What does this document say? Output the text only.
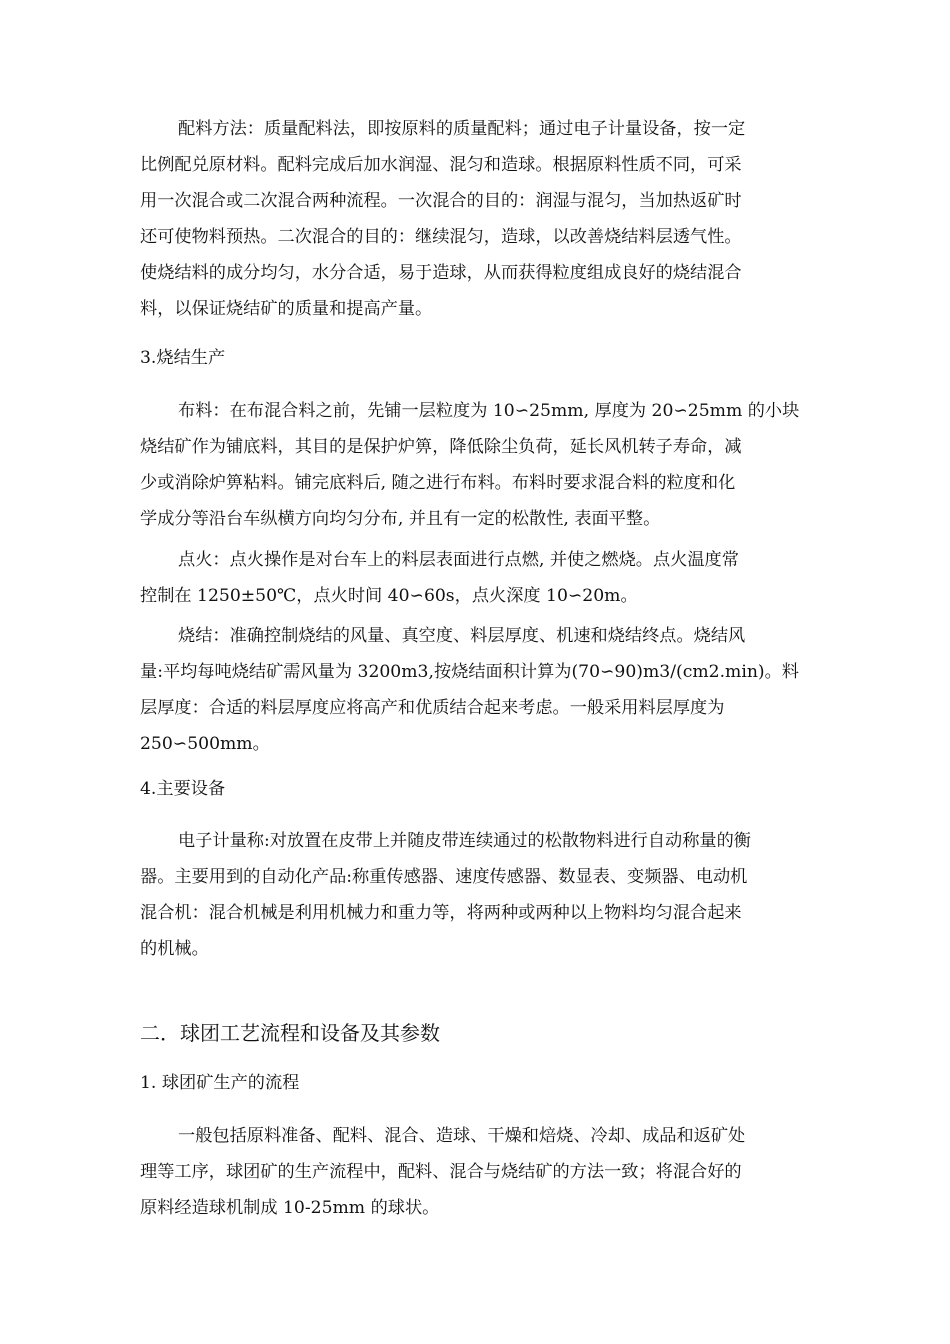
配料方法：质量配料法，即按原料的质量配料；通过电子计量设备，按一定
比例配兑原材料。配料完成后加水润湿、混匀和造球。根据原料性质不同，可采
用一次混合或二次混合两种流程。一次混合的目的：润湿与混匀，当加热返矿时
还可使物料预热。二次混合的目的：继续混匀，造球，以改善烧结料层透气性。
使烧结料的成分均匀，水分合适，易于造球，从而获得粒度组成良好的烧结混合
料，以保证烧结矿的质量和提高产量。
3.烧结生产
布料：在布混合料之前，先铺一层粒度为 10∽25mm, 厚度为 20∽25mm 的小块
烧结矿作为铺底料，其目的是保护炉箅，降低除尘负荷，延长风机转子寿命，减
少或消除炉箅粘料。铺完底料后, 随之进行布料。布料时要求混合料的粒度和化
学成分等沿台车纵横方向均匀分布, 并且有一定的松散性, 表面平整。
点火：点火操作是对台车上的料层表面进行点燃, 并使之燃烧。点火温度常
控制在 1250±50℃，点火时间 40∽60s，点火深度 10∽20m。
烧结：准确控制烧结的风量、真空度、料层厚度、机速和烧结终点。烧结风
量:平均每吨烧结矿需风量为 3200m3,按烧结面积计算为(70∽90)m3/(cm2.min)。料
层厚度：合适的料层厚度应将高产和优质结合起来考虑。一般采用料层厚度为
250∽500mm。
4.主要设备
电子计量称:对放置在皮带上并随皮带连续通过的松散物料进行自动称量的衡
器。主要用到的自动化产品:称重传感器、速度传感器、数显表、变频器、电动机
混合机：混合机械是利用机械力和重力等，将两种或两种以上物料均匀混合起来
的机械。
二．球团工艺流程和设备及其参数
1. 球团矿生产的流程
一般包括原料准备、配料、混合、造球、干燥和焙烧、冷却、成品和返矿处
理等工序，球团矿的生产流程中，配料、混合与烧结矿的方法一致；将混合好的
原料经造球机制成 10-25mm 的球状。
